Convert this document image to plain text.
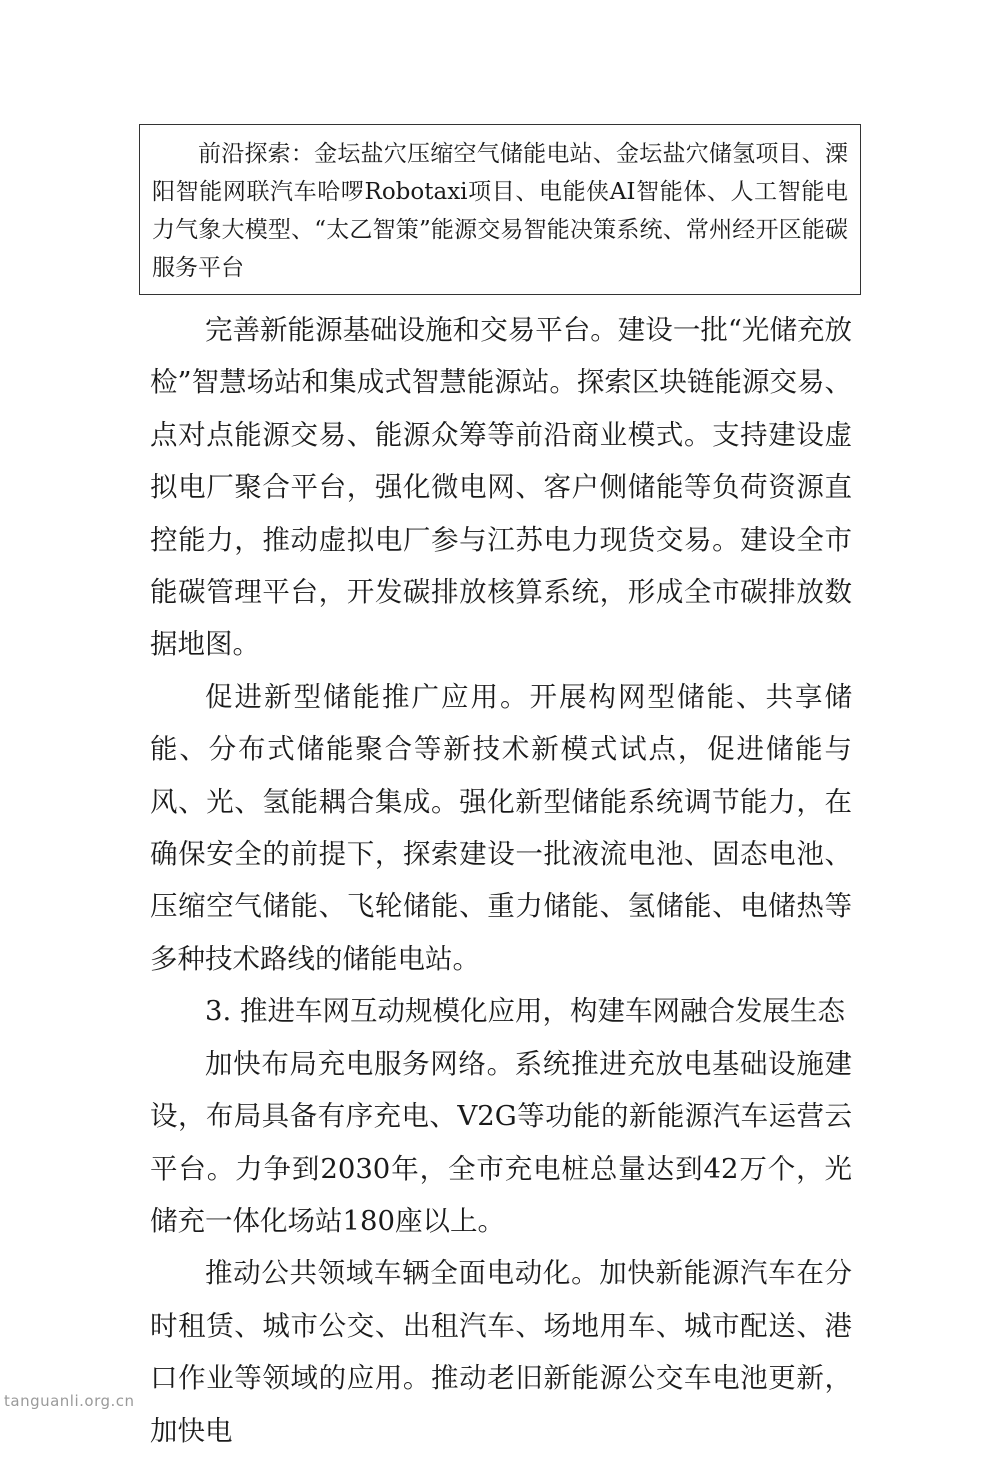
前沿探索：金坛盐穴压缩空气储能电站、金坛盐穴储氢项目、溧阳智能网联汽车哈啰Robotaxi项目、电能侠AI智能体、人工智能电力气象大模型、“太乙智策”能源交易智能决策系统、常州经开区能碳服务平台

完善新能源基础设施和交易平台。建设一批“光储充放检”智慧场站和集成式智慧能源站。探索区块链能源交易、点对点能源交易、能源众筹等前沿商业模式。支持建设虚拟电厂聚合平台，强化微电网、客户侧储能等负荷资源直控能力，推动虚拟电厂参与江苏电力现货交易。建设全市能碳管理平台，开发碳排放核算系统，形成全市碳排放数据地图。

促进新型储能推广应用。开展构网型储能、共享储能、分布式储能聚合等新技术新模式试点，促进储能与风、光、氢能耦合集成。强化新型储能系统调节能力，在确保安全的前提下，探索建设一批液流电池、固态电池、压缩空气储能、飞轮储能、重力储能、氢储能、电储热等多种技术路线的储能电站。

3. 推进车网互动规模化应用，构建车网融合发展生态

加快布局充电服务网络。系统推进充放电基础设施建设，布局具备有序充电、V2G等功能的新能源汽车运营云平台。力争到2030年，全市充电桩总量达到42万个，光储充一体化场站180座以上。

推动公共领域车辆全面电动化。加快新能源汽车在分时租赁、城市公交、出租汽车、场地用车、城市配送、港口作业等领域的应用。推动老旧新能源公交车电池更新，加快电

tanguanli.org.cn
